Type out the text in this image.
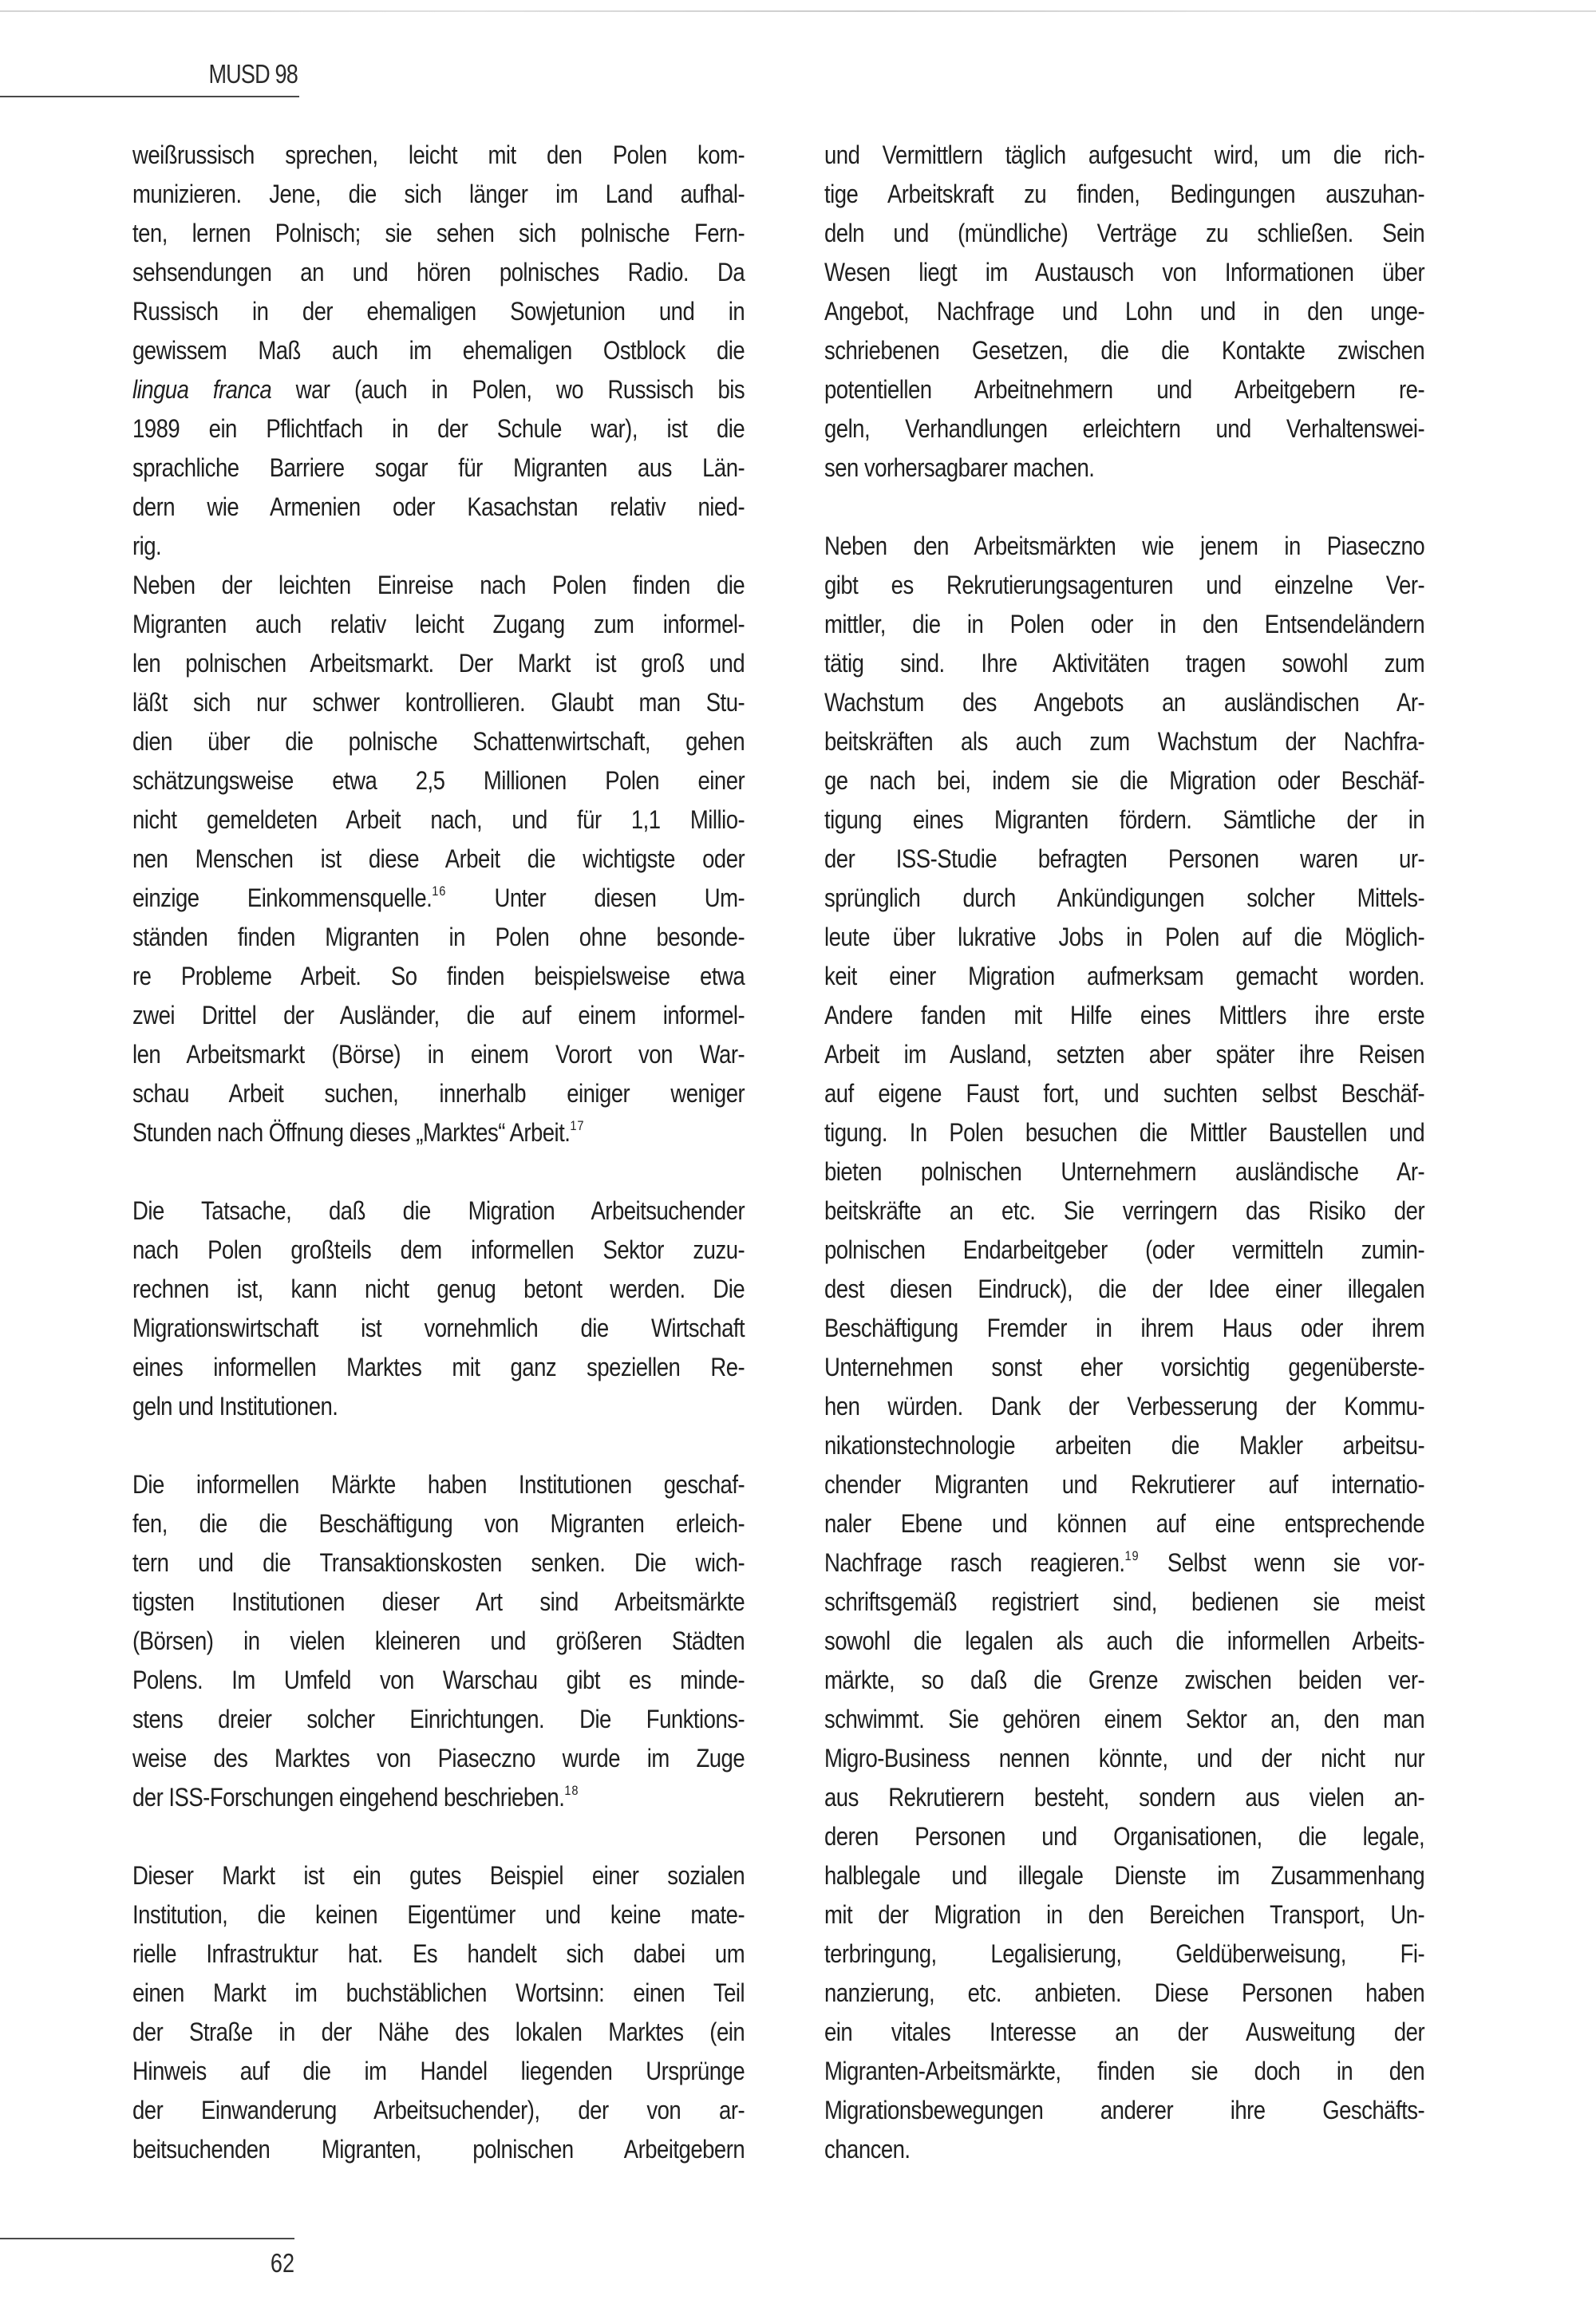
MUSD 98
weißrussisch sprechen, leicht mit den Polen kom-
munizieren. Jene, die sich länger im Land aufhal-
ten, lernen Polnisch; sie sehen sich polnische Fern-
sehsendungen an und hören polnisches Radio. Da
Russisch in der ehemaligen Sowjetunion und in
gewissem Maß auch im ehemaligen Ostblock die
lingua franca war (auch in Polen, wo Russisch bis
1989 ein Pflichtfach in der Schule war), ist die
sprachliche Barriere sogar für Migranten aus Län-
dern wie Armenien oder Kasachstan relativ nied-
rig.
Neben der leichten Einreise nach Polen finden die
Migranten auch relativ leicht Zugang zum informel-
len polnischen Arbeitsmarkt. Der Markt ist groß und
läßt sich nur schwer kontrollieren. Glaubt man Stu-
dien über die polnische Schattenwirtschaft, gehen
schätzungsweise etwa 2,5 Millionen Polen einer
nicht gemeldeten Arbeit nach, und für 1,1 Millio-
nen Menschen ist diese Arbeit die wichtigste oder
einzige Einkommensquelle.$^{16}$ Unter diesen Um-
ständen finden Migranten in Polen ohne besonde-
re Probleme Arbeit. So finden beispielsweise etwa
zwei Drittel der Ausländer, die auf einem informel-
len Arbeitsmarkt (Börse) in einem Vorort von War-
schau Arbeit suchen, innerhalb einiger weniger
Stunden nach Öffnung dieses „Marktes“ Arbeit.$^{17}$
Die Tatsache, daß die Migration Arbeitsuchender
nach Polen großteils dem informellen Sektor zuzu-
rechnen ist, kann nicht genug betont werden. Die
Migrationswirtschaft ist vornehmlich die Wirtschaft
eines informellen Marktes mit ganz speziellen Re-
geln und Institutionen.
Die informellen Märkte haben Institutionen geschaf-
fen, die die Beschäftigung von Migranten erleich-
tern und die Transaktionskosten senken. Die wich-
tigsten Institutionen dieser Art sind Arbeitsmärkte
(Börsen) in vielen kleineren und größeren Städten
Polens. Im Umfeld von Warschau gibt es minde-
stens dreier solcher Einrichtungen. Die Funktions-
weise des Marktes von Piaseczno wurde im Zuge
der ISS-Forschungen eingehend beschrieben.$^{18}$
Dieser Markt ist ein gutes Beispiel einer sozialen
Institution, die keinen Eigentümer und keine mate-
rielle Infrastruktur hat. Es handelt sich dabei um
einen Markt im buchstäblichen Wortsinn: einen Teil
der Straße in der Nähe des lokalen Marktes (ein
Hinweis auf die im Handel liegenden Ursprünge
der Einwanderung Arbeitsuchender), der von ar-
beitsuchenden Migranten, polnischen Arbeitgebern
und Vermittlern täglich aufgesucht wird, um die rich-
tige Arbeitskraft zu finden, Bedingungen auszuhan-
deln und (mündliche) Verträge zu schließen. Sein
Wesen liegt im Austausch von Informationen über
Angebot, Nachfrage und Lohn und in den unge-
schriebenen Gesetzen, die die Kontakte zwischen
potentiellen Arbeitnehmern und Arbeitgebern re-
geln, Verhandlungen erleichtern und Verhaltenswei-
sen vorhersagbarer machen.
Neben den Arbeitsmärkten wie jenem in Piaseczno
gibt es Rekrutierungsagenturen und einzelne Ver-
mittler, die in Polen oder in den Entsendeländern
tätig sind. Ihre Aktivitäten tragen sowohl zum
Wachstum des Angebots an ausländischen Ar-
beitskräften als auch zum Wachstum der Nachfra-
ge nach bei, indem sie die Migration oder Beschäf-
tigung eines Migranten fördern. Sämtliche der in
der ISS-Studie befragten Personen waren ur-
sprünglich durch Ankündigungen solcher Mittels-
leute über lukrative Jobs in Polen auf die Möglich-
keit einer Migration aufmerksam gemacht worden.
Andere fanden mit Hilfe eines Mittlers ihre erste
Arbeit im Ausland, setzten aber später ihre Reisen
auf eigene Faust fort, und suchten selbst Beschäf-
tigung. In Polen besuchen die Mittler Baustellen und
bieten polnischen Unternehmern ausländische Ar-
beitskräfte an etc. Sie verringern das Risiko der
polnischen Endarbeitgeber (oder vermitteln zumin-
dest diesen Eindruck), die der Idee einer illegalen
Beschäftigung Fremder in ihrem Haus oder ihrem
Unternehmen sonst eher vorsichtig gegenüberste-
hen würden. Dank der Verbesserung der Kommu-
nikationstechnologie arbeiten die Makler arbeitsu-
chender Migranten und Rekrutierer auf internatio-
naler Ebene und können auf eine entsprechende
Nachfrage rasch reagieren.$^{19}$ Selbst wenn sie vor-
schriftsgemäß registriert sind, bedienen sie meist
sowohl die legalen als auch die informellen Arbeits-
märkte, so daß die Grenze zwischen beiden ver-
schwimmt. Sie gehören einem Sektor an, den man
Migro-Business nennen könnte, und der nicht nur
aus Rekrutierern besteht, sondern aus vielen an-
deren Personen und Organisationen, die legale,
halblegale und illegale Dienste im Zusammenhang
mit der Migration in den Bereichen Transport, Un-
terbringung, Legalisierung, Geldüberweisung, Fi-
nanzierung, etc. anbieten. Diese Personen haben
ein vitales Interesse an der Ausweitung der
Migranten-Arbeitsmärkte, finden sie doch in den
Migrationsbewegungen anderer ihre Geschäfts-
chancen.
62
